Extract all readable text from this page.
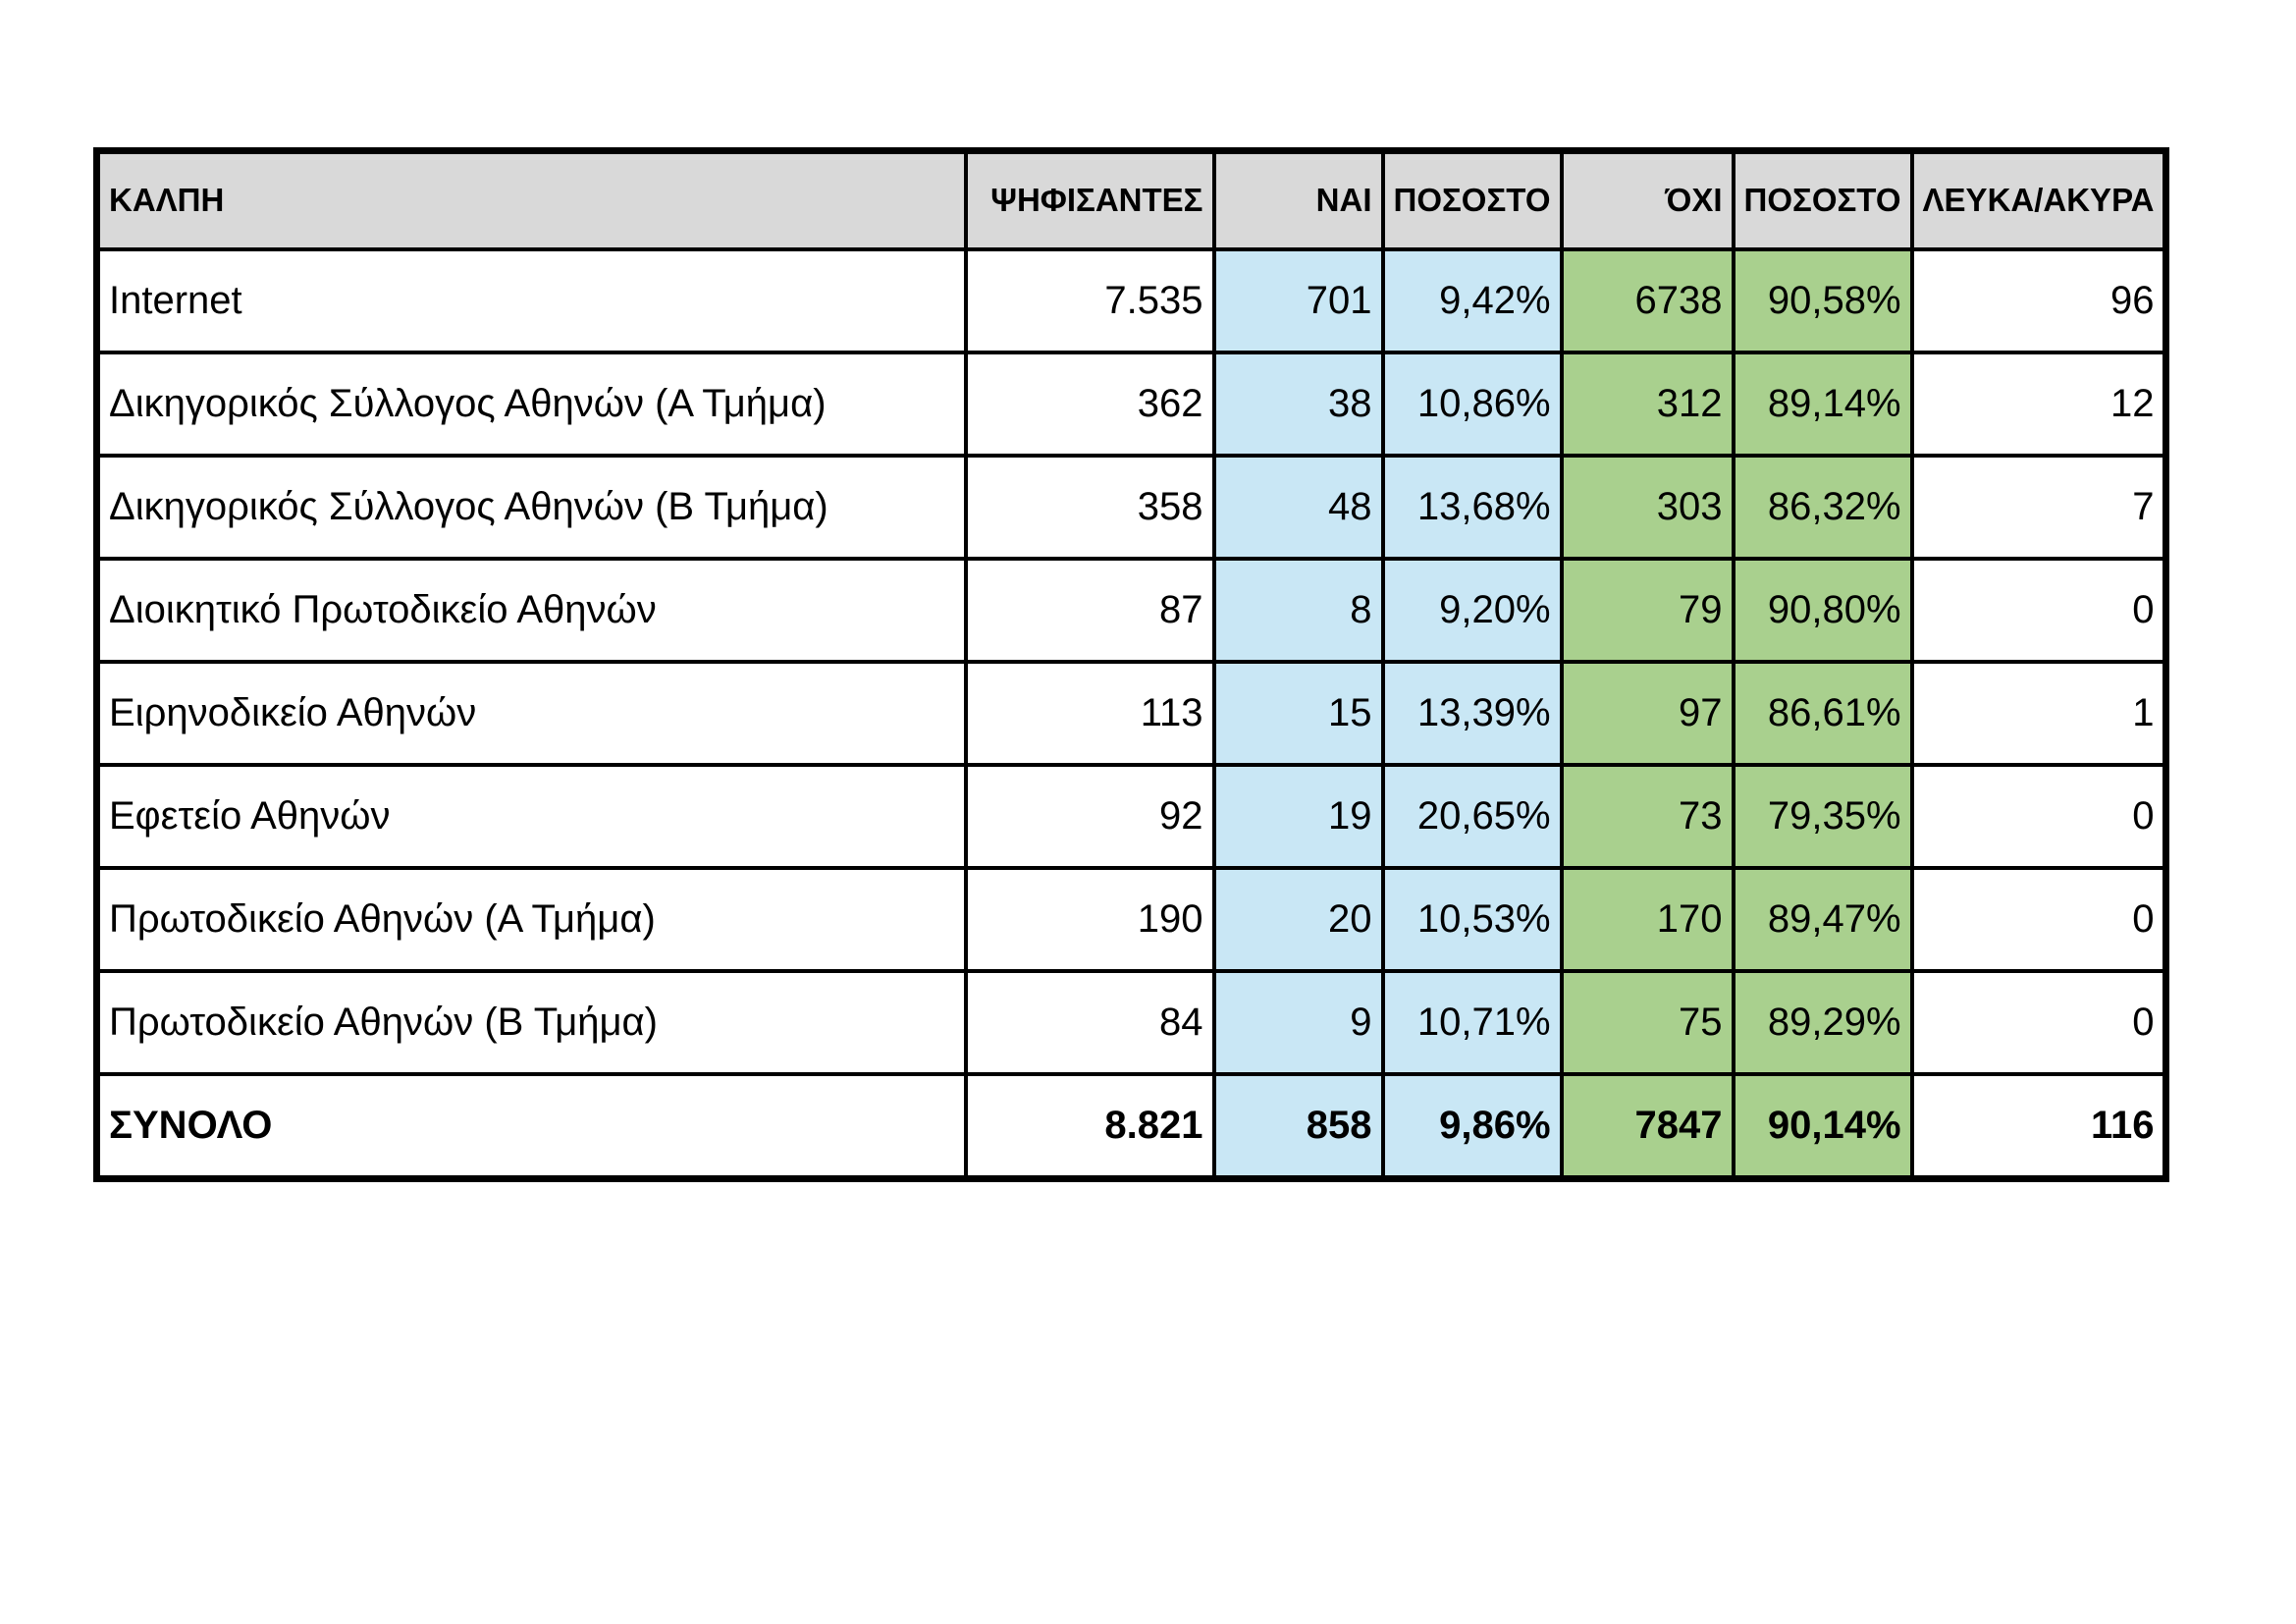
ΚΑΛΠΗ	ΨΗΦΙΣΑΝΤΕΣ	ΝΑΙ	ΠΟΣΟΣΤΟ	ΌΧΙ	ΠΟΣΟΣΤΟ	ΛΕΥΚΑ/ΑΚΥΡΑ
Internet	7.535	701	9,42%	6738	90,58%	96
Δικηγορικός Σύλλογος Αθηνών (Α Τμήμα)	362	38	10,86%	312	89,14%	12
Δικηγορικός Σύλλογος Αθηνών (Β Τμήμα)	358	48	13,68%	303	86,32%	7
Διοικητικό Πρωτοδικείο Αθηνών	87	8	9,20%	79	90,80%	0
Ειρηνοδικείο Αθηνών	113	15	13,39%	97	86,61%	1
Εφετείο Αθηνών	92	19	20,65%	73	79,35%	0
Πρωτοδικείο Αθηνών (Α Τμήμα)	190	20	10,53%	170	89,47%	0
Πρωτοδικείο Αθηνών (Β Τμήμα)	84	9	10,71%	75	89,29%	0
ΣΥΝΟΛΟ	8.821	858	9,86%	7847	90,14%	116
